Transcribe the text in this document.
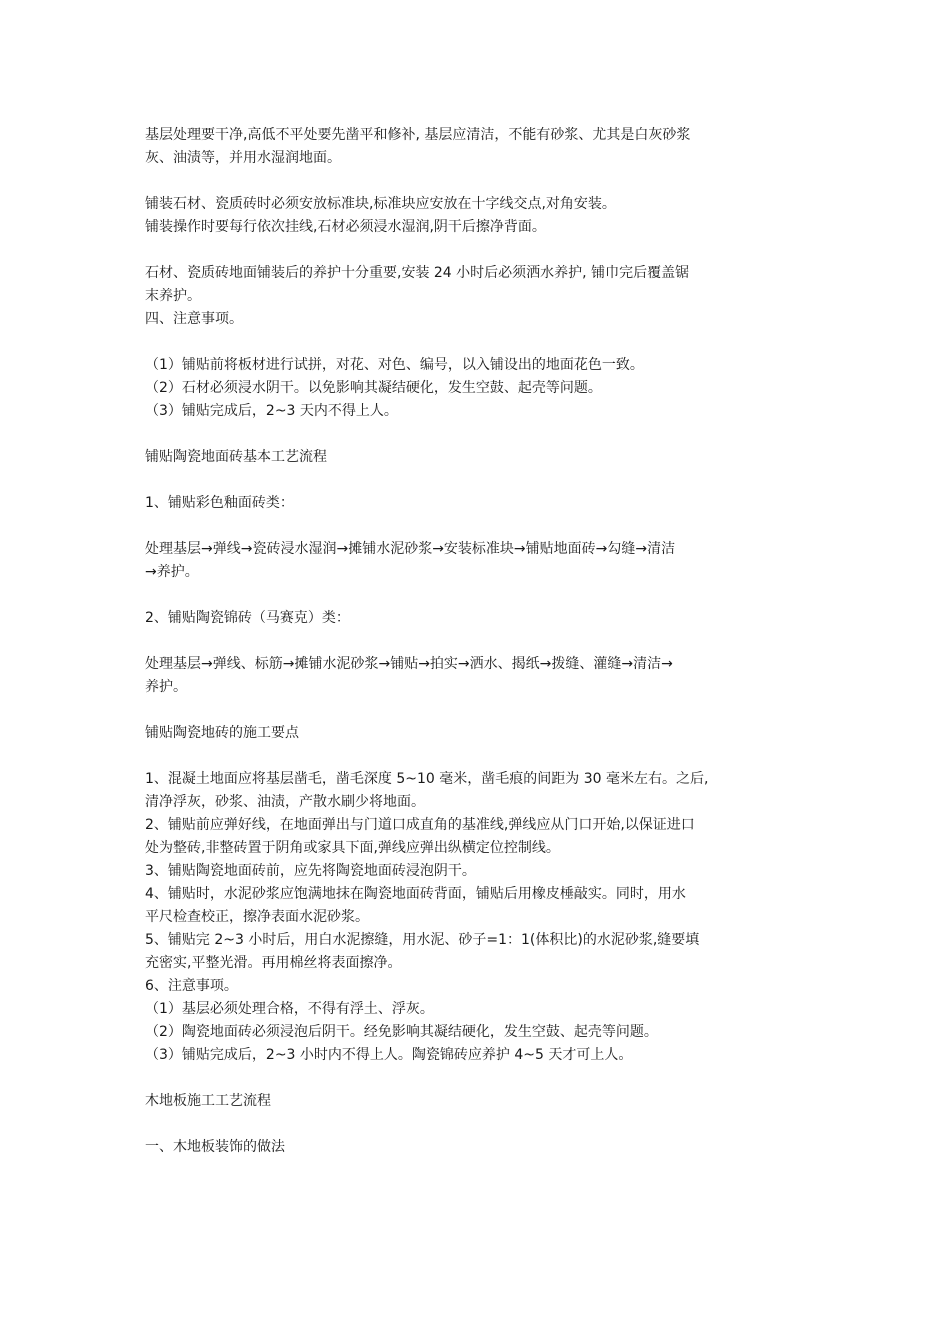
基层处理要干净,高低不平处要先凿平和修补, 基层应清洁，不能有砂浆、尤其是白灰砂浆

灰、油渍等，并用水湿润地面。

铺装石材、瓷质砖时必须安放标准块,标准块应安放在十字线交点,对角安装。

铺装操作时要每行依次挂线,石材必须浸水湿润,阴干后擦净背面。

石材、瓷质砖地面铺装后的养护十分重要,安装 24 小时后必须洒水养护, 铺巾完后覆盖锯

末养护。

四、注意事项。

（1）铺贴前将板材进行试拼，对花、对色、编号，以入铺设出的地面花色一致。

（2）石材必须浸水阴干。以免影响其凝结硬化，发生空鼓、起壳等问题。

（3）铺贴完成后，2~3 天内不得上人。

铺贴陶瓷地面砖基本工艺流程

1、铺贴彩色釉面砖类：

处理基层→弹线→瓷砖浸水湿润→摊铺水泥砂浆→安装标准块→铺贴地面砖→勾缝→清洁

→养护。

2、铺贴陶瓷锦砖（马赛克）类：

处理基层→弹线、标筋→摊铺水泥砂浆→铺贴→拍实→洒水、揭纸→拨缝、灌缝→清洁→

养护。

铺贴陶瓷地砖的施工要点

1、混凝土地面应将基层凿毛，凿毛深度 5~10 毫米，凿毛痕的间距为 30 毫米左右。之后,

清净浮灰，砂浆、油渍，产散水刷少将地面。

2、铺贴前应弹好线，在地面弹出与门道口成直角的基准线,弹线应从门口开始,以保证进口

处为整砖,非整砖置于阴角或家具下面,弹线应弹出纵横定位控制线。

3、铺贴陶瓷地面砖前，应先将陶瓷地面砖浸泡阴干。

4、铺贴时，水泥砂浆应饱满地抹在陶瓷地面砖背面，铺贴后用橡皮棰敲实。同时，用水

平尺检查校正，擦净表面水泥砂浆。

5、铺贴完 2~3 小时后，用白水泥擦缝，用水泥、砂子=1：1(体积比)的水泥砂浆,缝要填

充密实,平整光滑。再用棉丝将表面擦净。

6、注意事项。

（1）基层必须处理合格，不得有浮土、浮灰。

（2）陶瓷地面砖必须浸泡后阴干。经免影响其凝结硬化，发生空鼓、起壳等问题。

（3）铺贴完成后，2~3 小时内不得上人。陶瓷锦砖应养护 4~5 天才可上人。

木地板施工工艺流程

一、木地板装饰的做法
